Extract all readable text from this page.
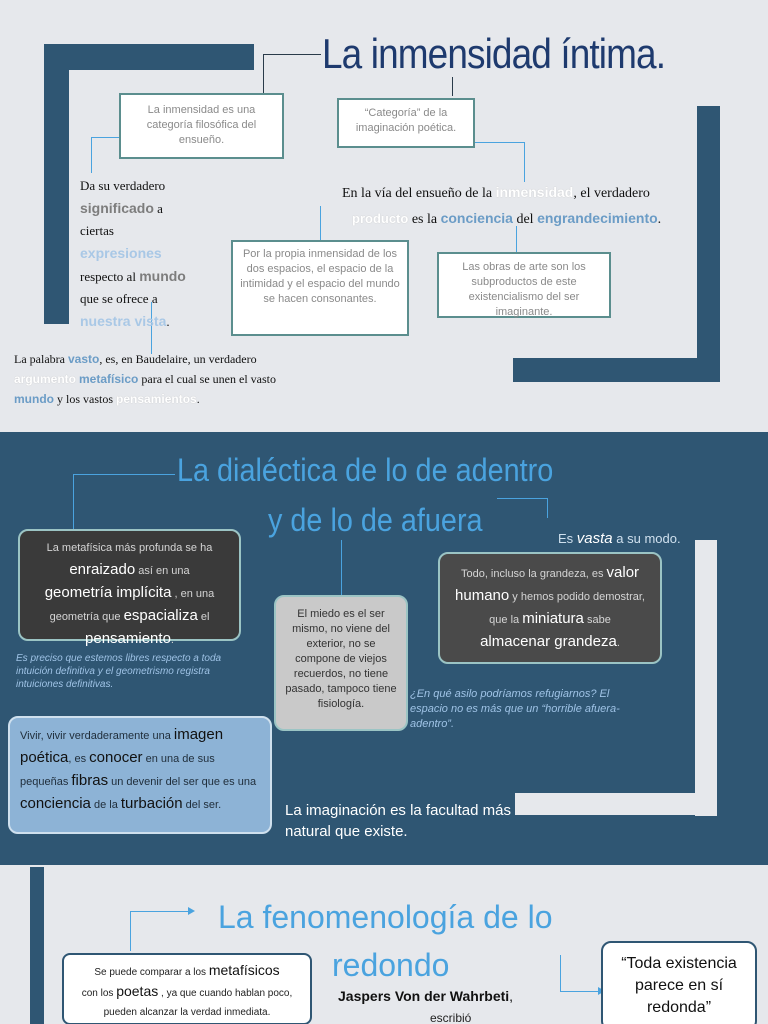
La inmensidad íntima.
La inmensidad es una categoría filosófica del ensueño.
“Categoría” de la imaginación poética.
Por la propia inmensidad de los dos espacios, el espacio de la intimidad y el espacio del mundo se hacen consonantes.
Las obras de arte son los subproductos de este existencialismo del ser imaginante.
Da su verdadero
significado a ciertas
expresiones
respecto al mundo
que se ofrece a
nuestra vista.
En la vía del ensueño de la inmensidad, el verdadero
producto es la conciencia del engrandecimiento.
La palabra vasto, es, en Baudelaire, un verdadero
argumento metafísico para el cual se unen el vasto
mundo y los vastos pensamientos.
La dialéctica de lo de adentro
y de lo de afuera
Es vasta a su modo.
La metafísica más profunda se ha
enraizado así en una
geometría implícita , en una geometría que espacializa el
pensamiento.
Es preciso que estemos libres respecto a toda intuición definitiva y el geometrismo registra intuiciones definitivas.
El miedo es el ser mismo, no viene del exterior, no se compone de viejos recuerdos, no tiene pasado, tampoco tiene fisiología.
Todo, incluso la grandeza, es valor humano y hemos podido demostrar, que la miniatura sabe
almacenar grandeza.
¿En qué asilo podríamos refugiarnos? El espacio no es más que un “horrible afuera-adentro”.
Vivir, vivir verdaderamente una imagen poética, es conocer en una de sus pequeñas fibras un devenir del ser que es una conciencia de la turbación del ser.	La imaginación es la facultad más natural que existe.
La fenomenología de lo
redondo
Se puede comparar a los metafísicos
con los poetas , ya que cuando hablan poco, pueden alcanzar la verdad inmediata.
Jaspers Von der Wahrbeti,
escribió
“Toda existencia parece en sí redonda”
